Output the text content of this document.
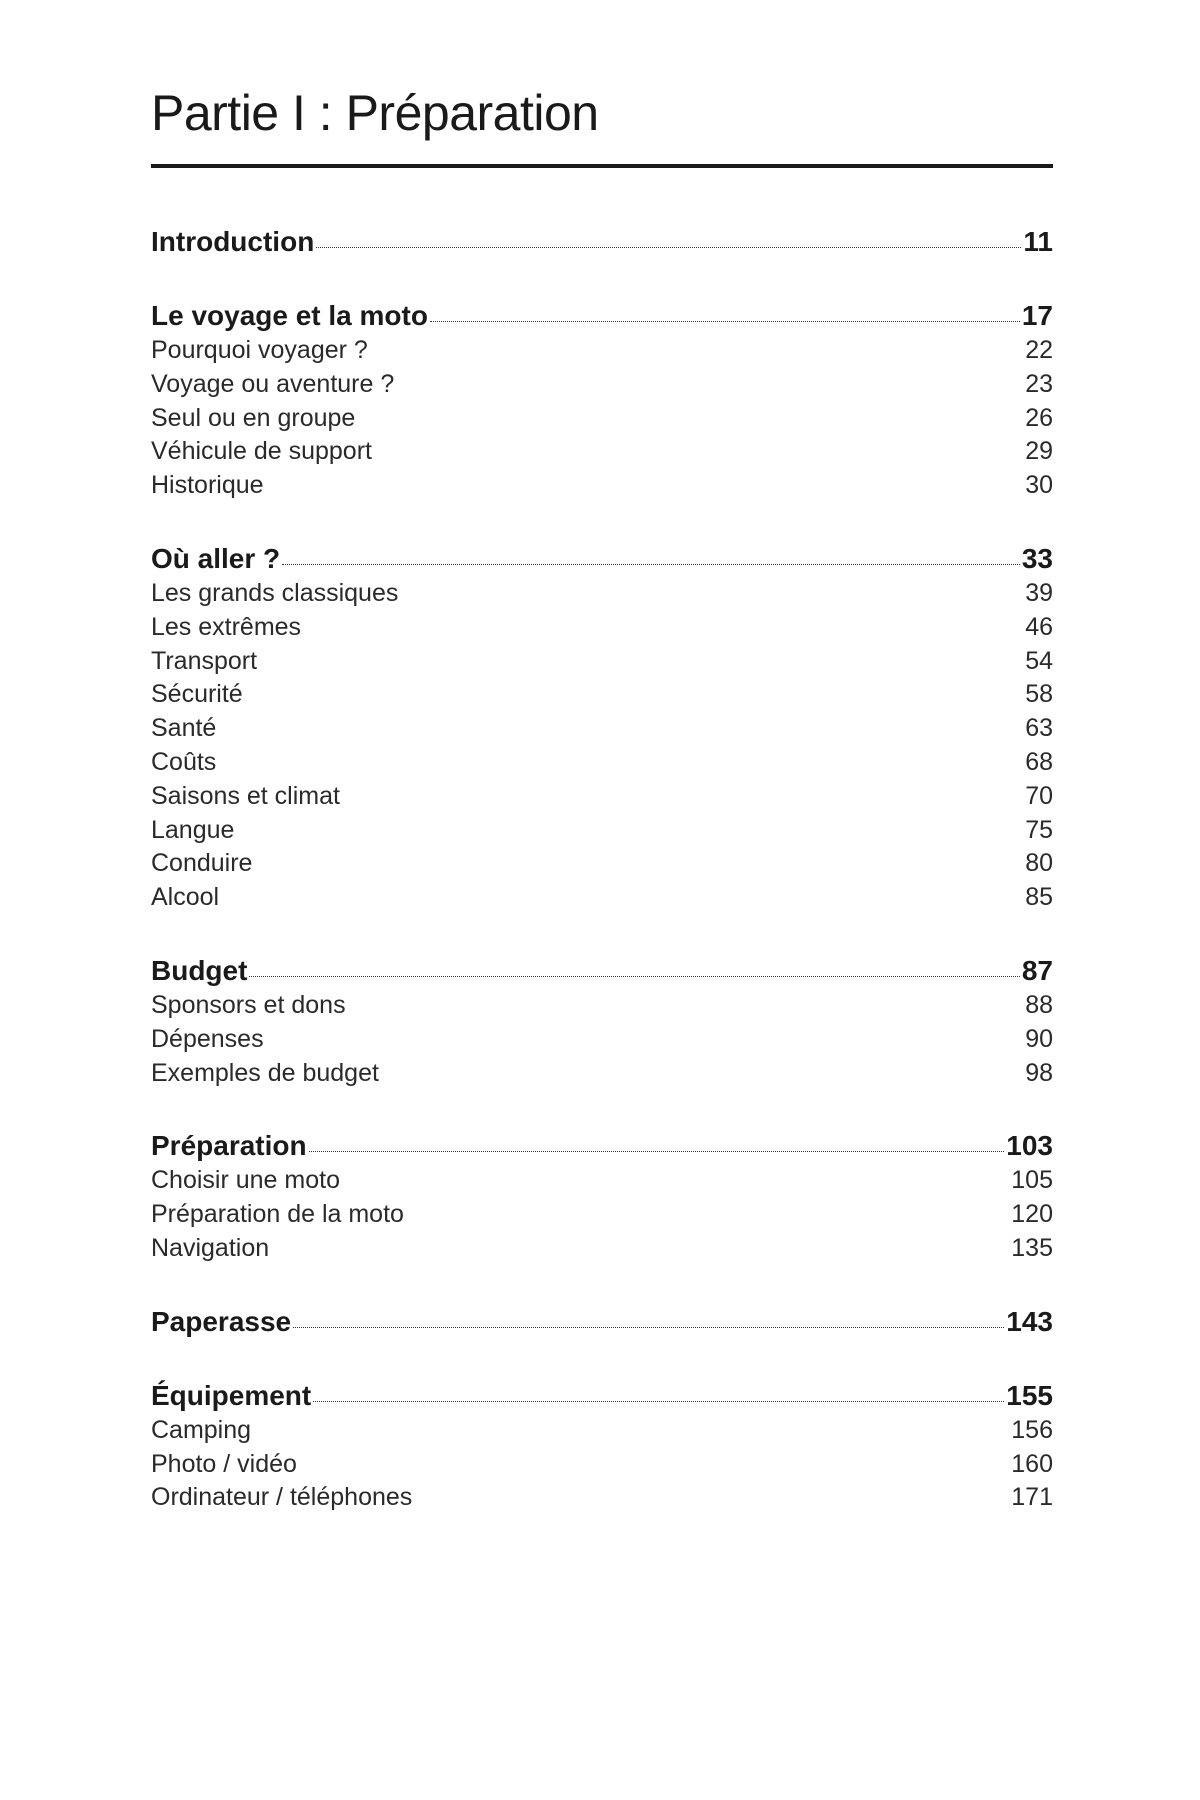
Partie I : Préparation
Introduction	11
Le voyage et la moto	17
Pourquoi voyager ?	22
Voyage ou aventure ?	23
Seul ou en groupe	26
Véhicule de support	29
Historique	30
Où aller ?	33
Les grands classiques	39
Les extrêmes	46
Transport	54
Sécurité	58
Santé	63
Coûts	68
Saisons et climat	70
Langue	75
Conduire	80
Alcool	85
Budget	87
Sponsors et dons	88
Dépenses	90
Exemples de budget	98
Préparation	103
Choisir une moto	105
Préparation de la moto	120
Navigation	135
Paperasse	143
Équipement	155
Camping	156
Photo / vidéo	160
Ordinateur / téléphones	171
